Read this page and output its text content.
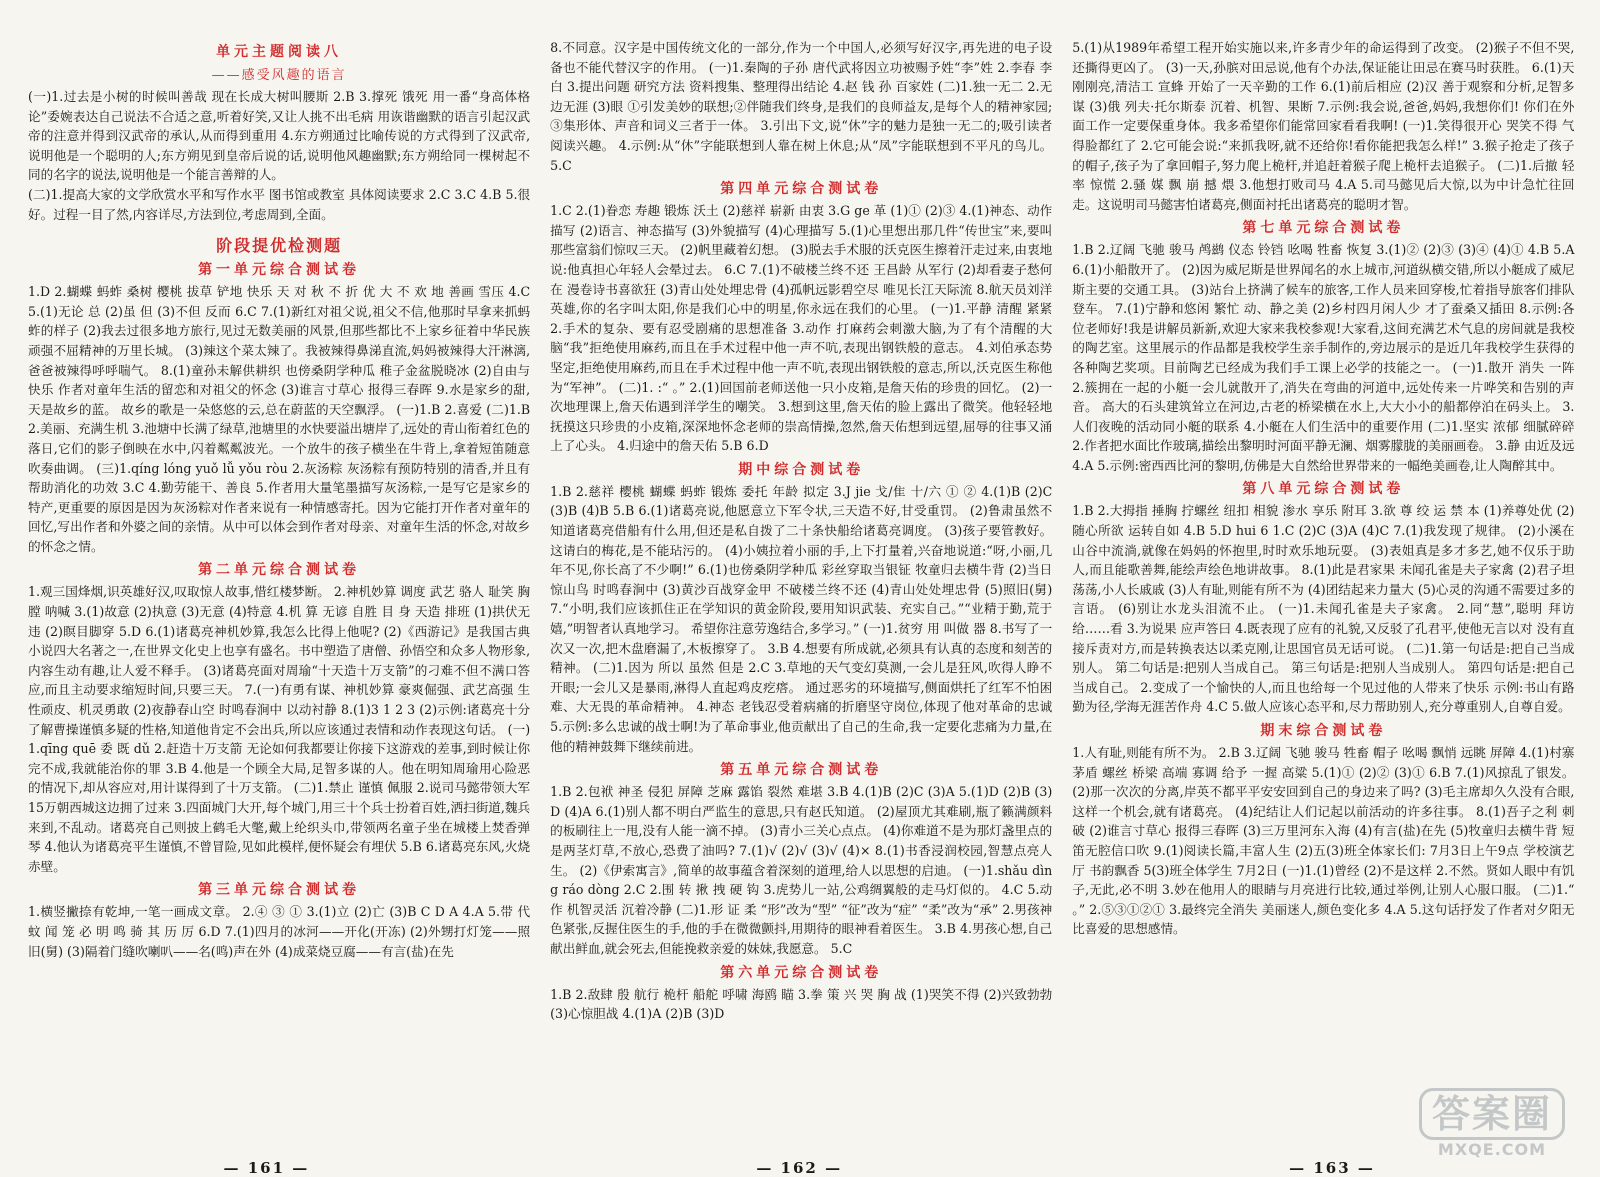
单元主题阅读八
——感受风趣的语言

(一)1.过去是小树的时候叫善哉 现在长成大树叫腰斯 2.B 3.撑死 饿死 用一番“身高体格论”委婉表达自己说法不合适之意,听着好笑,又让人挑不出毛病 用诙谐幽默的语言引起汉武帝的注意并得到汉武帝的承认,从而得到重用 4.东方朔通过比喻传说的方式得到了汉武帝,说明他是一个聪明的人;东方朔见到皇帝后说的话,说明他风趣幽默;东方朔给同一棵树起不同的名字的说法,说明他是一个能言善辩的人。

(二)1.提高大家的文学欣赏水平和写作水平 图书馆或教室 具体阅读要求 2.C 3.C 4.B 5.很好。过程一目了然,内容详尽,方法到位,考虑周到,全面。

阶段提优检测题
第一单元综合测试卷

1.D 2.蝴蝶 蚂蚱 桑树 樱桃 拔草 铲地 快乐 天 对 秋 不 折 优 大 不 欢 地 善画 雪压 4.C 5.(1)无论 总 (2)虽 但 (3)不但 反而 6.C 7.(1)新红对祖父说,祖父不信,他那时早拿来抓蚂蚱的样子 (2)我去过很多地方旅行,见过无数美丽的风景,但那些都比不上家乡征着中华民族顽强不屈精神的万里长城。 (3)辣这个菜太辣了。我被辣得鼻涕直流,妈妈被辣得大汗淋漓,爸爸被辣得呼呼喘气。 8.(1)童孙未解供耕织 也傍桑阴学种瓜 稚子金盆脱晓冰 (2)自由与快乐 作者对童年生活的留恋和对祖父的怀念 (3)谁言寸草心 报得三春晖 9.水是家乡的甜,天是故乡的蓝。 故乡的歌是一朵悠悠的云,总在蔚蓝的天空飘浮。 (一)1.B 2.喜爱 (二)1.B 2.美丽、充满生机 3.池塘中长满了绿草,池塘里的水快要溢出塘岸了,远处的青山衔着红色的落日,它们的影子倒映在水中,闪着粼粼波光。一个放牛的孩子横坐在牛背上,拿着短笛随意吹奏曲调。 (三)1.qíng lóng yuǒ lǚ yǒu ròu 2.灰汤粽 灰汤粽有预防特别的清香,并且有帮助消化的功效 3.C 4.勤劳能干、善良 5.作者用大量笔墨描写灰汤粽,一是写它是家乡的特产,更重要的原因是因为灰汤粽对作者来说有一种情感寄托。因为它能打开作者对童年的回忆,写出作者和外婆之间的亲情。从中可以体会到作者对母亲、对童年生活的怀念,对故乡的怀念之情。

第二单元综合测试卷

1.观三国烽烟,识英雄好汉,叹取惊人故事,惜红楼梦断。 2.神机妙算 调度 武艺 骆人 耻笑 胸膛 呐喊 3.(1)故意 (2)执意 (3)无意 (4)特意 4.机 算 无谚 自胜 目 身 天造 排班 (1)拱伏无违 (2)瞑目脚穿 5.D 6.(1)诸葛亮神机妙算,我怎么比得上他呢? (2)《西游记》是我国古典小说四大名著之一,在世界文化史上也享有盛名。书中塑造了唐僧、孙悟空和众多人物形象,内容生动有趣,让人爱不释手。 (3)诸葛亮面对周瑜“十天造十万支箭”的刁难不但不满口答应,而且主动要求缩短时间,只要三天。 7.(一)有勇有谋、神机妙算 豪爽倔强、武艺高强 生性顽皮、机灵勇敢 (2)夜静春山空 时鸣春涧中 以动衬静 8.(1)3 1 2 3 (2)示例:诸葛亮十分了解曹操谨慎多疑的性格,知道他肯定不会出兵,所以应该通过表情和动作表现这句话。 (一)1.qīng quē 委 既 dǔ 2.赶造十万支箭 无论如何我都要让你接下这游戏的差事,到时候让你完不成,我就能治你的罪 3.B 4.他是一个顾全大局,足智多谋的人。他在明知周瑜用心险恶的情况下,却从容应对,用计谋得到了十万支箭。 (二)1.禁止 谨慎 佩服 2.说司马懿带领大军15万朝西城这边拥了过来 3.四面城门大开,每个城门,用三十个兵士扮着百姓,洒扫街道,魏兵来到,不乱动。诸葛亮自己则披上鹤毛大氅,戴上纶织头巾,带领两名童子坐在城楼上焚香弹琴 4.他认为诸葛亮平生谨慎,不曾冒险,见如此模样,便怀疑会有埋伏 5.B 6.诸葛亮东风,火烧赤壁。

第三单元综合测试卷

1.横竖撇捺有乾坤,一笔一画成文章。 2.④ ③ ① 3.(1)立 (2)亡 (3)B C D A 4.A 5.带 代 蚊 闻 笼 必 明 鸣 骑 其 历 厉 6.D 7.(1)四月的冰河——开化(开冻) (2)外甥打灯笼——照旧(舅) (3)隔着门缝吹喇叭——名(鸣)声在外 (4)成菜烧豆腐——有言(盐)在先

8.不同意。汉字是中国传统文化的一部分,作为一个中国人,必须写好汉字,再先进的电子设备也不能代替汉字的作用。 (一)1.秦陶的子孙 唐代武将因立功被赐予姓“李”姓 2.李春 李白 3.提出问题 研究方法 资料搜集、整理得出结论 4.赵 钱 孙 百家姓 (二)1.独一无二 2.无边无涯 (3)眼 ①引发美妙的联想;②伴随我们终身,是我们的良师益友,是每个人的精神家园;③集形体、声音和词义三者于一体。 3.引出下文,说“休”字的魅力是独一无二的;吸引读者阅读兴趣。 4.示例:从“休”字能联想到人靠在树上休息;从“凤”字能联想到不平凡的鸟儿。 5.C

第四单元综合测试卷

1.C 2.(1)眷恋 寿趣 锻炼 沃土 (2)慈祥 崭新 由衷 3.G ge 革 (1)① (2)③ 4.(1)神态、动作描写 (2)语言、神态描写 (3)外貌描写 (4)心理描写 5.(1)心里想出那几件“传世宝”来,要叫那些富翁们惊叹三天。 (2)帆里藏着幻想。 (3)脱去手术服的沃克医生擦着汗走过来,由衷地说:他真担心年轻人会晕过去。 6.C 7.(1)不破楼兰终不还 王昌龄 从军行 (2)却看妻子愁何在 漫卷诗书喜欲狂 (3)青山处处埋忠骨 (4)孤帆远影碧空尽 唯见长江天际流 8.航天员刘洋 英雄,你的名字叫太阳,你是我们心中的明星,你永远在我们的心里。 (一)1.平静 清醒 紧紧 2.手术的复杂、要有忍受剧痛的思想准备 3.动作 打麻药会刺激大脑,为了有个清醒的大脑“我”拒绝使用麻药,而且在手术过程中他一声不吭,表现出钢铁般的意志。 4.刘伯承态势坚定,拒绝使用麻药,而且在手术过程中他一声不吭,表现出钢铁般的意志,所以,沃克医生称他为“军神”。 (二)1. :“ 。” 2.(1)回国前老师送他一只小皮箱,是詹天佑的珍贵的回忆。 (2)一次地理课上,詹天佑遇到洋学生的嘲笑。 3.想到这里,詹天佑的脸上露出了微笑。他轻轻地抚摸这只珍贵的小皮箱,深深地怀念老师的崇高情操,忽然,詹天佑想到远望,屈辱的往事又涌上了心头。 4.归途中的詹天佑 5.B 6.D

期中综合测试卷

1.B 2.慈祥 樱桃 蝴蝶 蚂蚱 锻炼 委托 年龄 拟定 3.J jie 戈/隹 十/六 ① ② 4.(1)B (2)C (3)B (4)B 5.B 6.(1)诸葛亮说,他愿意立下军令状,三天造不好,甘受重罚。 (2)鲁肃虽然不知道诸葛亮借船有什么用,但还是私自拨了二十条快船给诸葛亮调度。 (3)孩子要管教好。这请白的梅花,是不能玷污的。 (4)小姨拉着小丽的手,上下打量着,兴奋地说道:“呀,小丽,几年不见,你长高了不少啊!” 6.(1)也傍桑阴学种瓜 彩丝穿取当银钲 牧童归去横牛背 (2)当日惊山鸟 时鸣春涧中 (3)黄沙百战穿金甲 不破楼兰终不还 (4)青山处处埋忠骨 (5)照旧(舅) 7.“小明,我们应该抓住正在学知识的黄金阶段,要用知识武装、充实自己。”“业精于勤,荒于嬉,”明智者认真地学习。 希望你注意劳逸结合,多学习。” (一)1.贫穷 用 叫做 器 8.书写了一次又一次,把木盘磨漏了,木板擦穿了。 3.B 4.想要有所成就,必须具有认真的态度和刻苦的精神。 (二)1.因为 所以 虽然 但是 2.C 3.草地的天气变幻莫测,一会儿是狂风,吹得人睁不开眼;一会儿又是暴雨,淋得人直起鸡皮疙瘩。 通过恶劣的环境描写,侧面烘托了红军不怕困难、大无畏的革命精神。 4.神态 老钱忍受着病痛的折磨坚守岗位,体现了他对革命的忠诚 5.示例:多么忠诚的战士啊!为了革命事业,他贡献出了自己的生命,我一定要化悲痛为力量,在他的精神鼓舞下继续前进。

第五单元综合测试卷

1.B 2.包袱 神圣 侵犯 屏障 芝麻 露馅 裂然 难堪 3.B 4.(1)B (2)C (3)A 5.(1)D (2)B (3)D (4)A 6.(1)别人都不明白严监生的意思,只有赵氏知道。 (2)屋顶尤其难刷,瓶了籁满颜料的板刷往上一甩,没有人能一滴不掉。 (3)青小三关心点点。 (4)你难道不是为那灯盏里点的是两茎灯草,不放心,恐费了油吗? 7.(1)√ (2)√ (3)√ (4)× 8.(1)书香浸润校园,智慧点亮人生。 (2)《伊索寓言》,简单的故事蕴含着深刻的道理,给人以思想的启迪。 (一)1.shǎu dìng ráo dòng 2.C 2.围 转 揪 拽 硬 钩 3.虎势儿一站,公鸡绸翼般的走马灯似的。 4.C 5.动作 机智灵活 沉着冷静 (二)1.形 证 柔 “形”改为“型” “征”改为“症” “柔”改为“承” 2.男孩神色紧张,反握住医生的手,他的手在微微颤抖,用期待的眼神看着医生。 3.B 4.男孩心想,自己献出鲜血,就会死去,但能挽救亲爱的妹妹,我愿意。 5.C

第六单元综合测试卷

1.B 2.敌肆 殷 航行 桅杆 船舵 呼啸 海鸥 瞄 3.拳 策 兴 哭 胸 战 (1)哭笑不得 (2)兴致勃勃 (3)心惊胆战 4.(1)A (2)B (3)D

5.(1)从1989年希望工程开始实施以来,许多青少年的命运得到了改变。 (2)猴子不但不哭,还撕得更凶了。 (3)一天,孙膑对田忌说,他有个办法,保证能让田忌在赛马时获胜。 6.(1)天刚刚亮,清洁工 宣蜂 开始了一天辛勤的工作 6.(1)前后相应 (2)汉 善于观察和分析,足智多谋 (3)俄 列夫·托尔斯泰 沉着、机智、果断 7.示例:我会说,爸爸,妈妈,我想你们! 你们在外面工作一定要保重身体。我多希望你们能常回家看看我啊! (一)1.笑得很开心 哭笑不得 气得脸都红了 2.它可能会说:“来抓我呀,就不还给你!看你能把我怎么样!” 3.猴子抢走了孩子的帽子,孩子为了拿回帽子,努力爬上桅杆,并追赶着猴子爬上桅杆去追猴子。 (二)1.后撤 轻率 惊慌 2.骚 媒 飘 崩 撼 煨 3.他想打败司马 4.A 5.司马懿见后大惊,以为中计急忙往回走。这说明司马懿害怕诸葛亮,侧面衬托出诸葛亮的聪明才智。

第七单元综合测试卷

1.B 2.辽阔 飞驰 骏马 鸬鹚 仪态 铃铛 吆喝 牲畜 恢复 3.(1)② (2)③ (3)④ (4)① 4.B 5.A 6.(1)小船散开了。 (2)因为威尼斯是世界闻名的水上城市,河道纵横交错,所以小艇成了威尼斯主要的交通工具。 (3)站台上挤满了候车的旅客,工作人员来回穿梭,忙着指导旅客们排队登车。 7.(1)宁静和悠闲 繁忙 动、静之美 (2)乡村四月闲人少 才了蚕桑又插田 8.示例:各位老师好!我是讲解员新新,欢迎大家来我校参观!大家看,这间充满艺术气息的房间就是我校的陶艺室。这里展示的作品都是我校学生亲手制作的,旁边展示的是近几年我校学生获得的各种陶艺奖项。目前陶艺已经成为我们手工课上必学的技能之一。 (一)1.散开 消失 一阵 2.簇拥在一起的小艇一会儿就散开了,消失在弯曲的河道中,远处传来一片哗笑和告别的声音。 高大的石头建筑耸立在河边,古老的桥梁横在水上,大大小小的船都停泊在码头上。 3.人们夜晚的活动同小艇的联系 4.小艇在人们生活中的重要作用 (二)1.坚实 浓郁 细腻碎碎 2.作者把水面比作玻璃,描绘出黎明时河面平静无澜、烟雾朦胧的美丽画卷。 3.静 由近及远 4.A 5.示例:密西西比河的黎明,仿佛是大自然给世界带来的一幅绝美画卷,让人陶醉其中。

第八单元综合测试卷

1.B 2.大拇指 捶胸 拧螺丝 纽扣 相貌 渗水 享乐 附耳 3.欲 尊 绞 运 禁 本 (1)养尊处优 (2)随心所欲 运转自如 4.B 5.D hui 6 1.C (2)C (3)A (4)C 7.(1)我发现了规律。 (2)小溪在山谷中流淌,就像在妈妈的怀抱里,时时欢乐地玩耍。 (3)表姐真是多才多艺,她不仅乐于助人,而且能歌善舞,能绘声绘色地讲故事。 8.(1)此是君家果 未闻孔雀是夫子家禽 (2)君子坦荡荡,小人长戚戚 (3)人有耻,则能有所不为 (4)团结起来力量大 (5)心灵的沟通不需要过多的言语。 (6)别让水龙头泪流不止。 (一)1.未闻孔雀是夫子家禽。 2.同“慧”,聪明 拜访 给……看 3.为说果 应声答曰 4.既表现了应有的礼貌,又反驳了孔君平,使他无言以对 没有直接斥责对方,而是转换表达以柔克刚,让思国官员无话可说。 (二)1.第一句话是:把自己当成别人。 第二句话是:把别人当成自己。 第三句话是:把别人当成别人。 第四句话是:把自己当成自己。 2.变成了一个愉快的人,而且也给每一个见过他的人带来了快乐 示例:书山有路勤为径,学海无涯苦作舟 4.C 5.做人应该心态平和,尽力帮助别人,充分尊重别人,自尊自爱。

期末综合测试卷

1.人有耻,则能有所不为。 2.B 3.辽阔 飞驰 骏马 牲畜 帽子 吆喝 飘悄 远眺 屏障 4.(1)村寨 茅盾 螺丝 桥梁 高端 寡调 给予 一握 高粱 5.(1)① (2)② (3)① 6.B 7.(1)风掠乱了银发。 (2)那一次次的分离,岸英不都平平安安回到自己的身边来了吗? (3)毛主席却久久没有合眼,这样一个机会,就有诸葛亮。 (4)纪结让人们记起以前活动的许多往事。 8.(1)吾子之利 刺破 (2)谁言寸草心 报得三春晖 (3)三万里河东入海 (4)有言(盐)在先 (5)牧童归去横牛背 短笛无腔信口吹 9.(1)阅读长篇,丰富人生 (2)五(3)班全体家长们: 7月3日上午9点 学校演艺厅 书韵飘香 5(3)班全体学生 7月2日 (一)1.(1)曾经 (2)不是这样 2.不然。贤如人眼中有饥子,无此,必不明 3.妙在他用人的眼睛与月亮进行比较,通过举例,让别人心服口服。 (二)1.“ 。” 2.⑤③①②① 3.最终完全消失 美丽迷人,颜色变化多 4.A 5.这句话抒发了作者对夕阳无比喜爱的思想感情。

— 161 —	— 162 —	— 163 —
答案圈
MXQE.COM
